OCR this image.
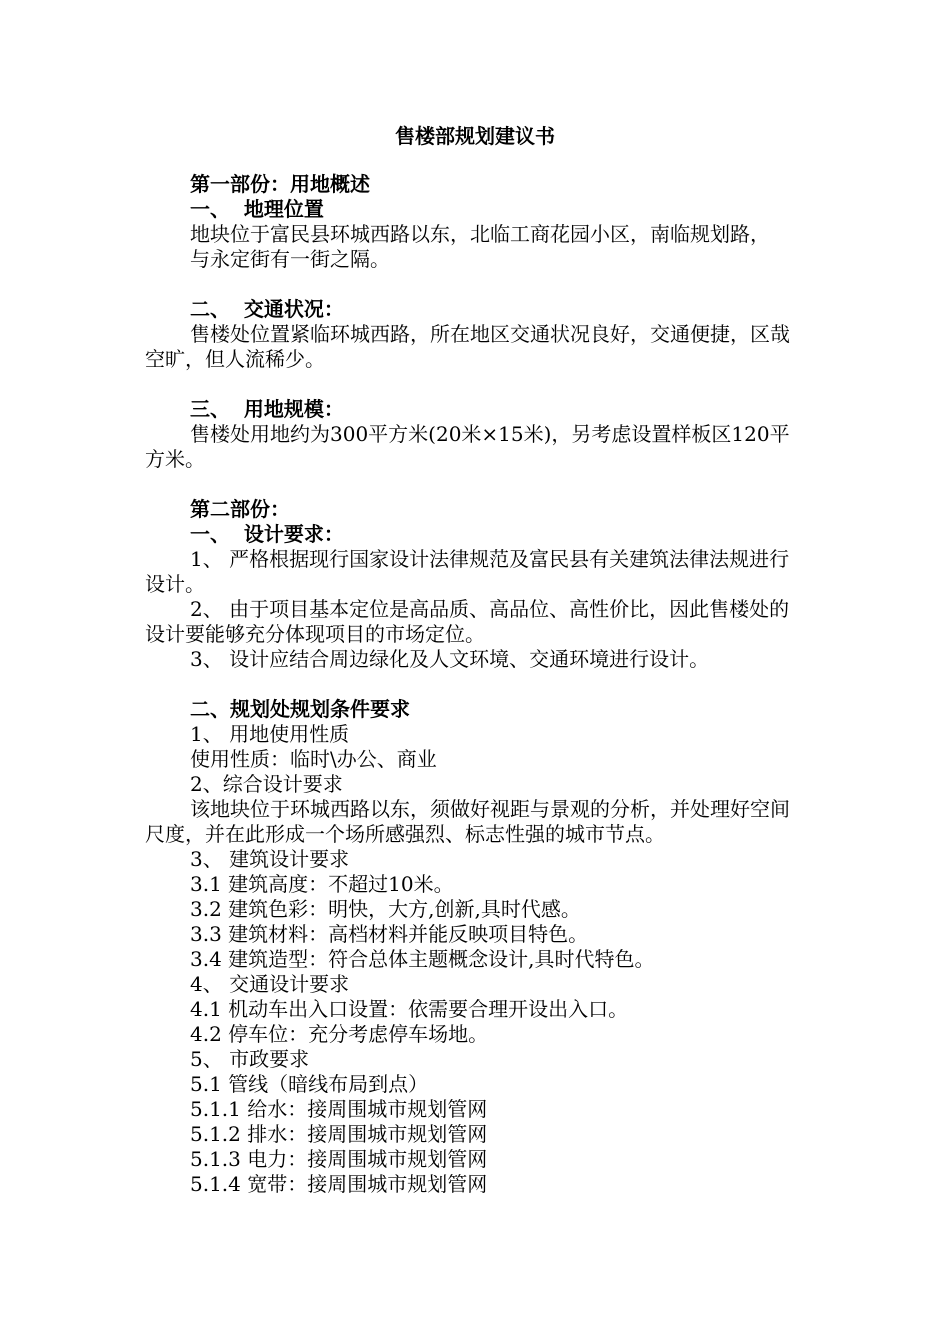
售楼部规划建议书
第一部份：用地概述
一、  地理位置
地块位于富民县环城西路以东，北临工商花园小区，南临规划路，
与永定街有一街之隔。
二、  交通状况：
售楼处位置紧临环城西路，所在地区交通状况良好，交通便捷，区哉空旷，但人流稀少。
三、  用地规模：
售楼处用地约为300平方米(20米×15米)，另考虑设置样板区120平方米。
第二部份：
一、  设计要求：
1、 严格根据现行国家设计法律规范及富民县有关建筑法律法规进行设计。
2、 由于项目基本定位是高品质、高品位、高性价比，因此售楼处的设计要能够充分体现项目的市场定位。
3、 设计应结合周边绿化及人文环境、交通环境进行设计。
二、规划处规划条件要求
1、 用地使用性质
使用性质：临时\办公、商业
2、综合设计要求
该地块位于环城西路以东，须做好视距与景观的分析，并处理好空间尺度，并在此形成一个场所感强烈、标志性强的城市节点。
3、 建筑设计要求
3.1 建筑高度：不超过10米。
3.2 建筑色彩：明快，大方,创新,具时代感。
3.3 建筑材料：高档材料并能反映项目特色。
3.4 建筑造型：符合总体主题概念设计,具时代特色。
4、 交通设计要求
4.1 机动车出入口设置：依需要合理开设出入口。
4.2 停车位：充分考虑停车场地。
5、 市政要求
5.1 管线（暗线布局到点）
5.1.1 给水：接周围城市规划管网
5.1.2 排水：接周围城市规划管网
5.1.3 电力：接周围城市规划管网
5.1.4 宽带：接周围城市规划管网
